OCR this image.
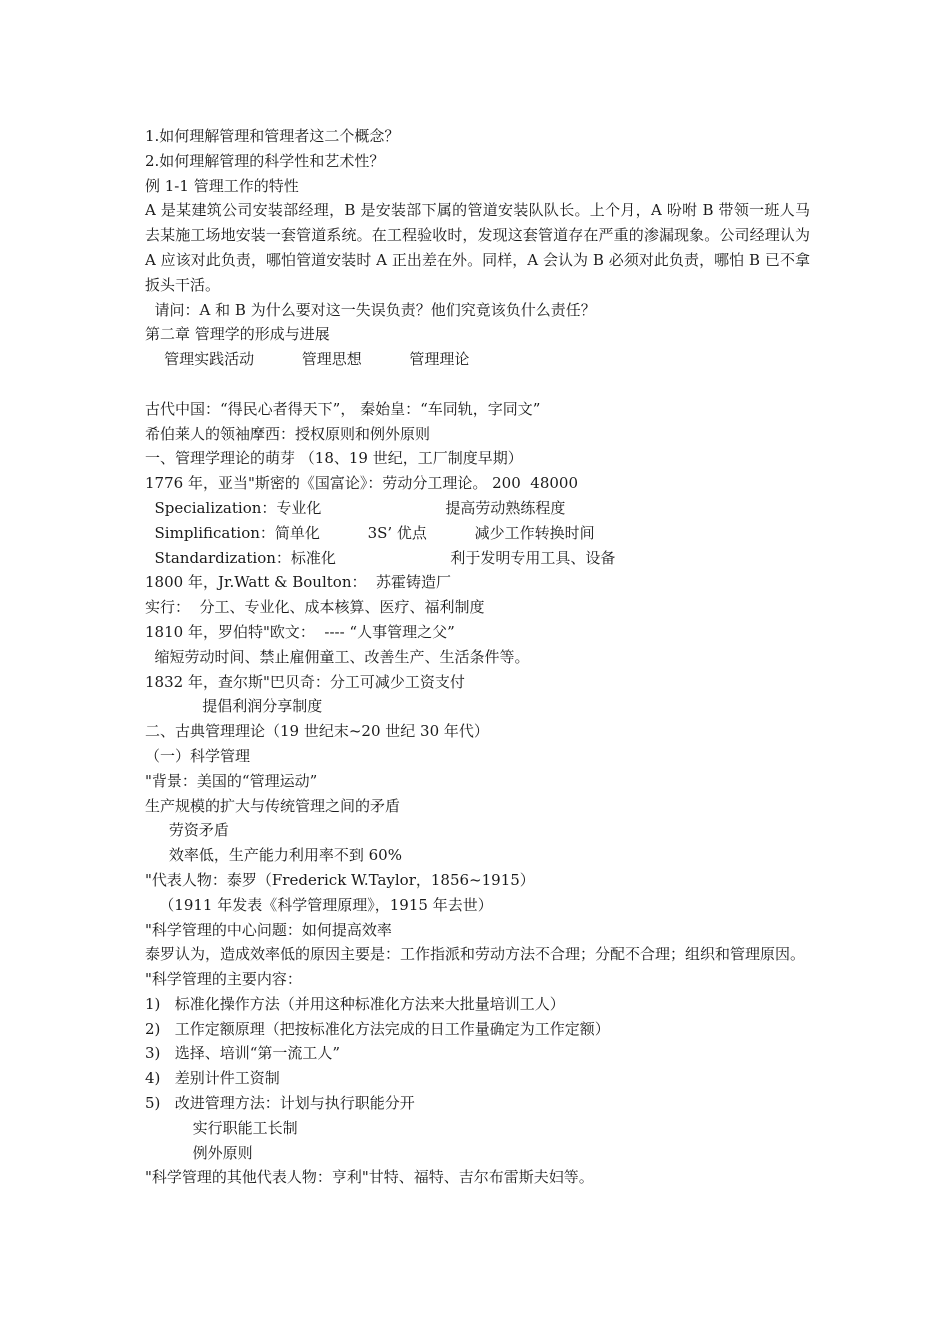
1.如何理解管理和管理者这二个概念？
2.如何理解管理的科学性和艺术性？
例 1-1 管理工作的特性
A 是某建筑公司安装部经理，B 是安装部下属的管道安装队队长。上个月，A 吩咐 B 带领一班人马去某施工场地安装一套管道系统。在工程验收时，发现这套管道存在严重的渗漏现象。公司经理认为 A 应该对此负责，哪怕管道安装时 A 正出差在外。同样，A 会认为 B 必须对此负责，哪怕 B 已不拿扳头干活。
请问：A 和 B 为什么要对这一失误负责？他们究竟该负什么责任？
第二章 管理学的形成与进展
管理实践活动          管理思想          管理理论
古代中国：“得民心者得天下”， 秦始皇：“车同轨，字同文”
希伯莱人的领袖摩西：授权原则和例外原则
一、管理学理论的萌芽 （18、19 世纪，工厂制度早期）
1776 年，亚当"斯密的《国富论》：劳动分工理论。 200  48000
Specialization：专业化                          提高劳动熟练程度
Simplification：简单化          3S’ 优点          减少工作转换时间
Standardization：标准化                        利于发明专用工具、设备
1800 年，Jr.Watt & Boulton：  苏霍铸造厂
实行：  分工、专业化、成本核算、医疗、福利制度
1810 年，罗伯特"欧文：  ---- “人事管理之父”
缩短劳动时间、禁止雇佣童工、改善生产、生活条件等。
1832 年，查尔斯"巴贝奇：分工可减少工资支付
提倡利润分享制度
二、古典管理理论（19 世纪末~20 世纪 30 年代）
（一）科学管理
"背景：美国的“管理运动”
生产规模的扩大与传统管理之间的矛盾
劳资矛盾
效率低，生产能力利用率不到 60%
"代表人物：泰罗（Frederick W.Taylor，1856~1915）
（1911 年发表《科学管理原理》，1915 年去世）
"科学管理的中心问题：如何提高效率
泰罗认为，造成效率低的原因主要是：工作指派和劳动方法不合理；分配不合理；组织和管理原因。
"科学管理的主要内容：
1)   标准化操作方法（并用这种标准化方法来大批量培训工人）
2)   工作定额原理（把按标准化方法完成的日工作量确定为工作定额）
3)   选择、培训“第一流工人”
4)   差别计件工资制
5)   改进管理方法：计划与执行职能分开
实行职能工长制
例外原则
"科学管理的其他代表人物：亨利"甘特、福特、吉尔布雷斯夫妇等。
